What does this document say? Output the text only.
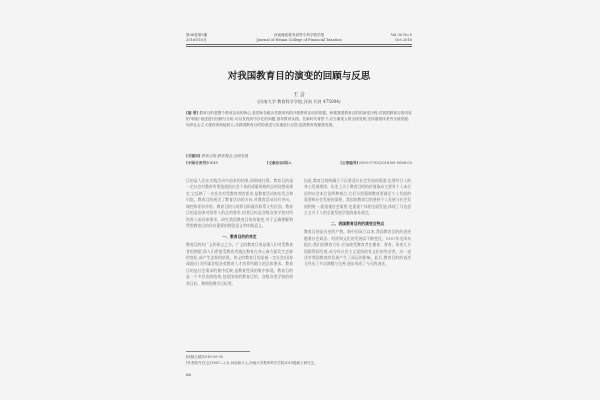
第36卷第5期
2016年10月
河南财政税务高等专科学校学报
Journal of Henan College of Financial Taxation
Vol.30 No.5
Oct.2016
对我国教育目的演变的回顾与反思
王 会
(河南大学 教育科学学院,河南 开封 475004)
[摘 要] 教育目的是整个教育活动的核心,是国家各级各类教育机构开展教育活动的依据。纵观我国教育目的的演变历程,对我国教育目的内容的"职能"表述进行回顾与分析,可以发现其中存在的问题,指导教育实践。在新时代背景下,应当重视人的全面发展,坚持德智体美劳全面发展,培养社会主义建设者和接班人,对我国教育目的的表述与实施进行反思,促进教育的健康发展。
[关键词] 教育目的;教育观念;全面发展
[中图分类号]G640	[文献标识码]A	[文章编号]2095-5793(2016)05-0066-03
目的是人们在实践活动中追求的结果,预期或打算。教育目的是一定社会对教育所要造就的社会个体的质量规格的总的设想或规定,它反映了一定社会对受教育者的要求,是教育活动的出发点和归宿。教育目的规定了教育活动的方向,对教育活动具有导向、调控和评价作用。教育目的与培养目标既有联系又有区别。教育目的是国家对培养人的总的要求,培养目标是各级各类学校对所培养人的具体要求。研究我国教育目的的演变,对于正确理解和贯彻教育目的具有重要的理论意义和实践意义。
一、教育目的的界定
教育目的有广义和狭义之分。广义的教育目的是指人们对受教育者的期望,即人们希望受教育者通过教育在身心诸方面发生怎样的变化,或产生怎样的结果。狭义的教育目的是指一定社会(国家或地区)为所属各级各类教育人才培养所确立的总体要求。教育目的是社会需求的集中反映,是教育性质的集中体现。教育目的是一个多层次的结构,包括国家的教育目的、各级各类学校的培养目标、教师的教学目标等。
因此,教育目的的确立不仅要适应社会发展的需要,也要符合人的身心发展规律。历史上关于教育目的的价值取向主要有个人本位论和社会本位论两种观点,它们分别强调教育要满足个人发展的需要和社会发展的需要。我国的教育目的坚持个人发展与社会发展相统一,既重视社会需要,也重视个体的全面发展,体现了马克思主义关于人的全面发展学说的基本观点。
二、我国教育目的的演变及特点
教育目的是历史的产物。新中国成立以来,我国教育目的的表述随着社会政治、经济和文化的发展而不断变化。1957年毛泽东提出:我们的教育方针,应该使受教育者在德育、智育、体育几方面都得到发展,成为有社会主义觉悟的有文化的劳动者。这一表述对我国教育的发展产生了深远的影响。此后,教育目的的表述又经历了多次调整与完善,逐步形成了今天的表述。
[收稿日期]2016-09-05
[作者简介]王会(1987—),女,河南商丘人,河南大学教育科学学院2015级硕士研究生。
66
